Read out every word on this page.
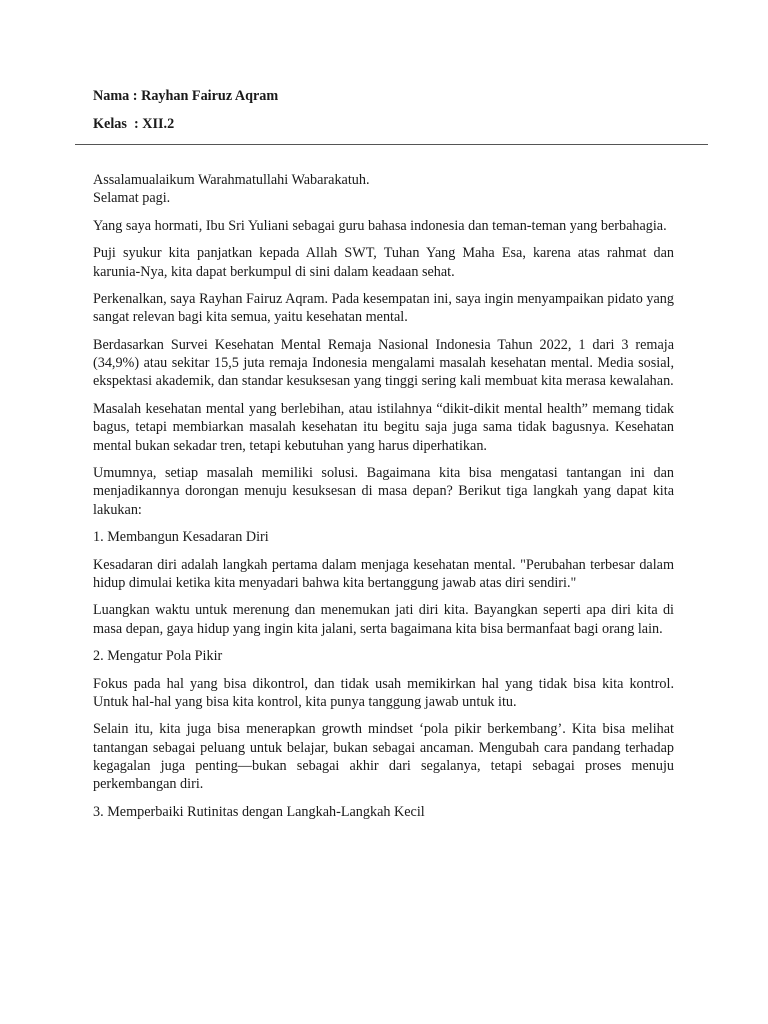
Nama : Rayhan Fairuz Aqram

Kelas  : XII.2

Assalamualaikum Warahmatullahi Wabarakatuh.
Selamat pagi.

Yang saya hormati, Ibu Sri Yuliani sebagai guru bahasa indonesia dan teman-teman yang berbahagia.

Puji syukur kita panjatkan kepada Allah SWT, Tuhan Yang Maha Esa, karena atas rahmat dan karunia-Nya, kita dapat berkumpul di sini dalam keadaan sehat.

Perkenalkan, saya Rayhan Fairuz Aqram. Pada kesempatan ini, saya ingin menyampaikan pidato yang sangat relevan bagi kita semua, yaitu kesehatan mental.

Berdasarkan Survei Kesehatan Mental Remaja Nasional Indonesia Tahun 2022, 1 dari 3 remaja (34,9%) atau sekitar 15,5 juta remaja Indonesia mengalami masalah kesehatan mental. Media sosial, ekspektasi akademik, dan standar kesuksesan yang tinggi sering kali membuat kita merasa kewalahan.

Masalah kesehatan mental yang berlebihan, atau istilahnya “dikit-dikit mental health” memang tidak bagus, tetapi membiarkan masalah kesehatan itu begitu saja juga sama tidak bagusnya. Kesehatan mental bukan sekadar tren, tetapi kebutuhan yang harus diperhatikan.

Umumnya, setiap masalah memiliki solusi. Bagaimana kita bisa mengatasi tantangan ini dan menjadikannya dorongan menuju kesuksesan di masa depan? Berikut tiga langkah yang dapat kita lakukan:

1. Membangun Kesadaran Diri

Kesadaran diri adalah langkah pertama dalam menjaga kesehatan mental. "Perubahan terbesar dalam hidup dimulai ketika kita menyadari bahwa kita bertanggung jawab atas diri sendiri."

Luangkan waktu untuk merenung dan menemukan jati diri kita. Bayangkan seperti apa diri kita di masa depan, gaya hidup yang ingin kita jalani, serta bagaimana kita bisa bermanfaat bagi orang lain.

2. Mengatur Pola Pikir

Fokus pada hal yang bisa dikontrol, dan tidak usah memikirkan hal yang tidak bisa kita kontrol. Untuk hal-hal yang bisa kita kontrol, kita punya tanggung jawab untuk itu.

Selain itu, kita juga bisa menerapkan growth mindset ‘pola pikir berkembang’. Kita bisa melihat tantangan sebagai peluang untuk belajar, bukan sebagai ancaman. Mengubah cara pandang terhadap kegagalan juga penting—bukan sebagai akhir dari segalanya, tetapi sebagai proses menuju perkembangan diri.

3. Memperbaiki Rutinitas dengan Langkah-Langkah Kecil
